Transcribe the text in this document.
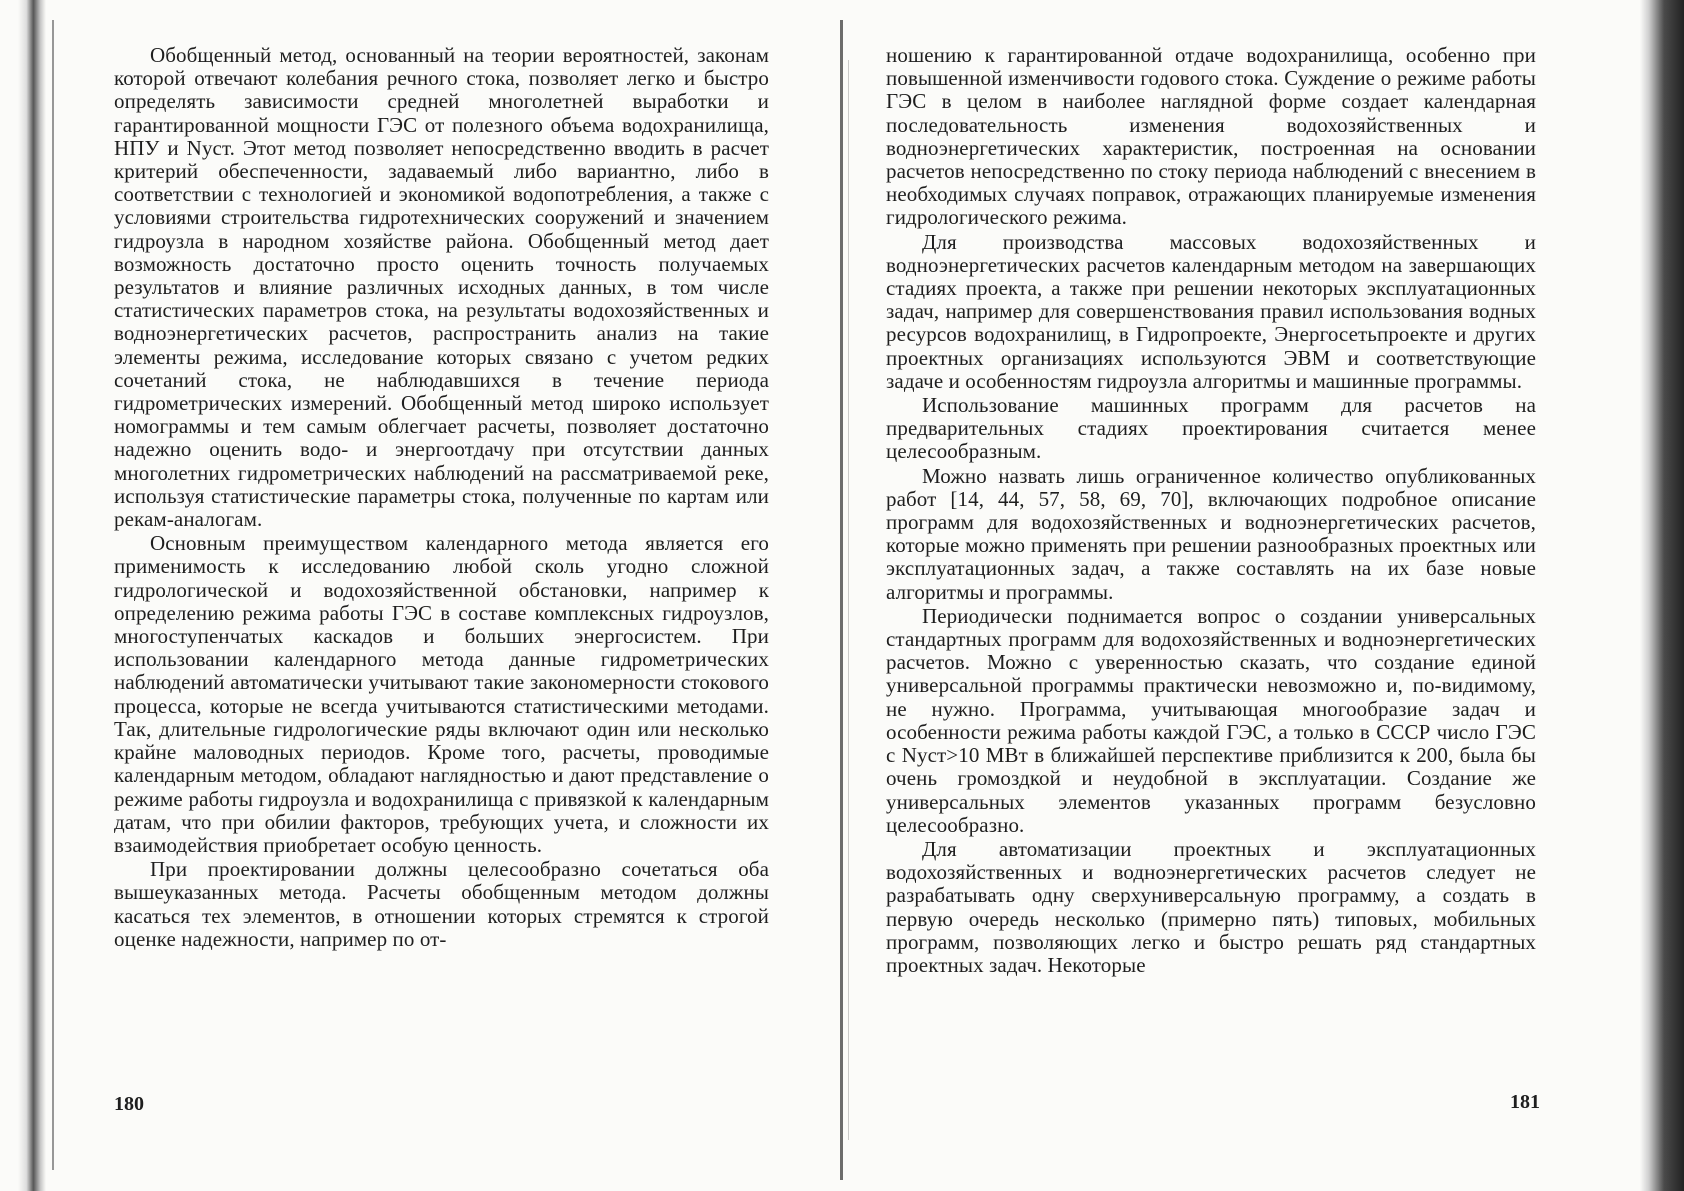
Обобщенный метод, основанный на теории вероятностей, законам которой отвечают колебания речного стока, позволяет легко и быстро определять зависимости средней многолетней выработки и гарантированной мощности ГЭС от полезного объема водохранилища, НПУ и Nуст. Этот метод позволяет непосредственно вводить в расчет критерий обеспеченности, задаваемый либо вариантно, либо в соответствии с технологией и экономикой водопотребления, а также с условиями строительства гидротехнических сооружений и значением гидроузла в народном хозяйстве района. Обобщенный метод дает возможность достаточно просто оценить точность получаемых результатов и влияние различных исходных данных, в том числе статистических параметров стока, на результаты водохозяйственных и водноэнергетических расчетов, распространить анализ на такие элементы режима, исследование которых связано с учетом редких сочетаний стока, не наблюдавшихся в течение периода гидрометрических измерений. Обобщенный метод широко использует номограммы и тем самым облегчает расчеты, позволяет достаточно надежно оценить водо- и энергоотдачу при отсутствии данных многолетних гидрометрических наблюдений на рассматриваемой реке, используя статистические параметры стока, полученные по картам или рекам-аналогам.

Основным преимуществом календарного метода является его применимость к исследованию любой сколь угодно сложной гидрологической и водохозяйственной обстановки, например к определению режима работы ГЭС в составе комплексных гидроузлов, многоступенчатых каскадов и больших энергосистем. При использовании календарного метода данные гидрометрических наблюдений автоматически учитывают такие закономерности стокового процесса, которые не всегда учитываются статистическими методами. Так, длительные гидрологические ряды включают один или несколько крайне маловодных периодов. Кроме того, расчеты, проводимые календарным методом, обладают наглядностью и дают представление о режиме работы гидроузла и водохранилища с привязкой к календарным датам, что при обилии факторов, требующих учета, и сложности их взаимодействия приобретает особую ценность.

При проектировании должны целесообразно сочетаться оба вышеуказанных метода. Расчеты обобщенным методом должны касаться тех элементов, в отношении которых стремятся к строгой оценке надежности, например по от-

180

ношению к гарантированной отдаче водохранилища, особенно при повышенной изменчивости годового стока. Суждение о режиме работы ГЭС в целом в наиболее наглядной форме создает календарная последовательность изменения водохозяйственных и водноэнергетических характеристик, построенная на основании расчетов непосредственно по стоку периода наблюдений с внесением в необходимых случаях поправок, отражающих планируемые изменения гидрологического режима.

Для производства массовых водохозяйственных и водноэнергетических расчетов календарным методом на завершающих стадиях проекта, а также при решении некоторых эксплуатационных задач, например для совершенствования правил использования водных ресурсов водохранилищ, в Гидропроекте, Энергосетьпроекте и других проектных организациях используются ЭВМ и соответствующие задаче и особенностям гидроузла алгоритмы и машинные программы.

Использование машинных программ для расчетов на предварительных стадиях проектирования считается менее целесообразным.

Можно назвать лишь ограниченное количество опубликованных работ [14, 44, 57, 58, 69, 70], включающих подробное описание программ для водохозяйственных и водноэнергетических расчетов, которые можно применять при решении разнообразных проектных или эксплуатационных задач, а также составлять на их базе новые алгоритмы и программы.

Периодически поднимается вопрос о создании универсальных стандартных программ для водохозяйственных и водноэнергетических расчетов. Можно с уверенностью сказать, что создание единой универсальной программы практически невозможно и, по-видимому, не нужно. Программа, учитывающая многообразие задач и особенности режима работы каждой ГЭС, а только в СССР число ГЭС с Nуст>10 МВт в ближайшей перспективе приблизится к 200, была бы очень громоздкой и неудобной в эксплуатации. Создание же универсальных элементов указанных программ безусловно целесообразно.

Для автоматизации проектных и эксплуатационных водохозяйственных и водноэнергетических расчетов следует не разрабатывать одну сверхуниверсальную программу, а создать в первую очередь несколько (примерно пять) типовых, мобильных программ, позволяющих легко и быстро решать ряд стандартных проектных задач. Некоторые

181
